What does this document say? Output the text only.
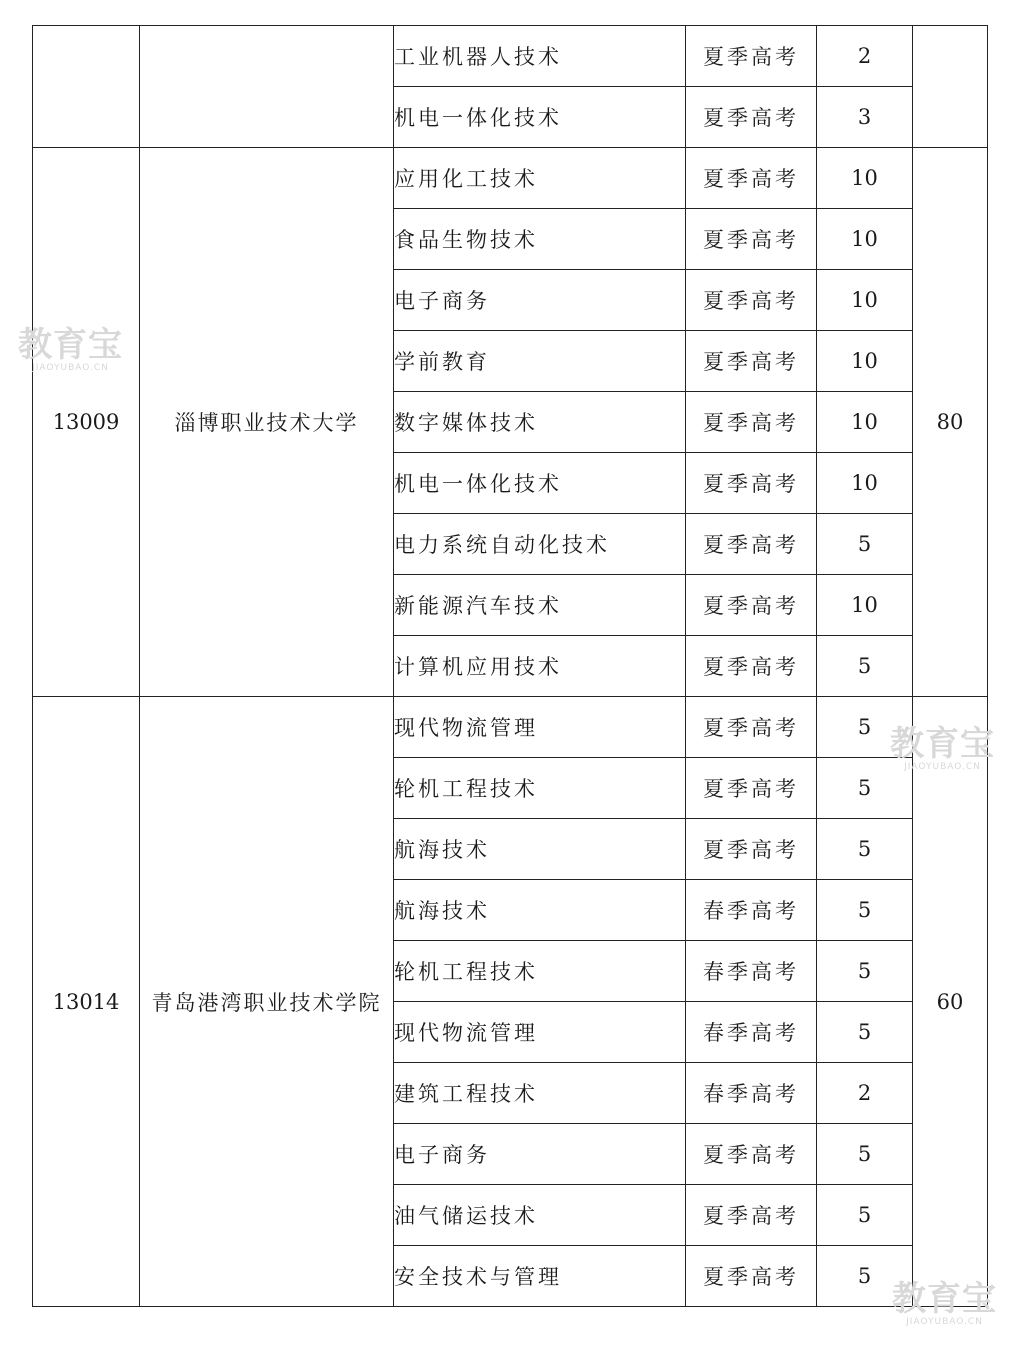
		工业机器人技术	夏季高考	2	
		机电一体化技术	夏季高考	3	
13009	淄博职业技术大学	应用化工技术	夏季高考	10	80
		食品生物技术	夏季高考	10	
		电子商务	夏季高考	10	
		学前教育	夏季高考	10	
		数字媒体技术	夏季高考	10	
		机电一体化技术	夏季高考	10	
		电力系统自动化技术	夏季高考	5	
		新能源汽车技术	夏季高考	10	
		计算机应用技术	夏季高考	5	
13014	青岛港湾职业技术学院	现代物流管理	夏季高考	5	60
		轮机工程技术	夏季高考	5	
		航海技术	夏季高考	5	
		航海技术	春季高考	5	
		轮机工程技术	春季高考	5	
		现代物流管理	春季高考	5	
		建筑工程技术	春季高考	2	
		电子商务	夏季高考	5	
		油气储运技术	夏季高考	5	
		安全技术与管理	夏季高考	5	
教育宝
JIAOYUBAO.CN
教育宝
JIAOYUBAO.CN
教育宝
JIAOYUBAO.CN
